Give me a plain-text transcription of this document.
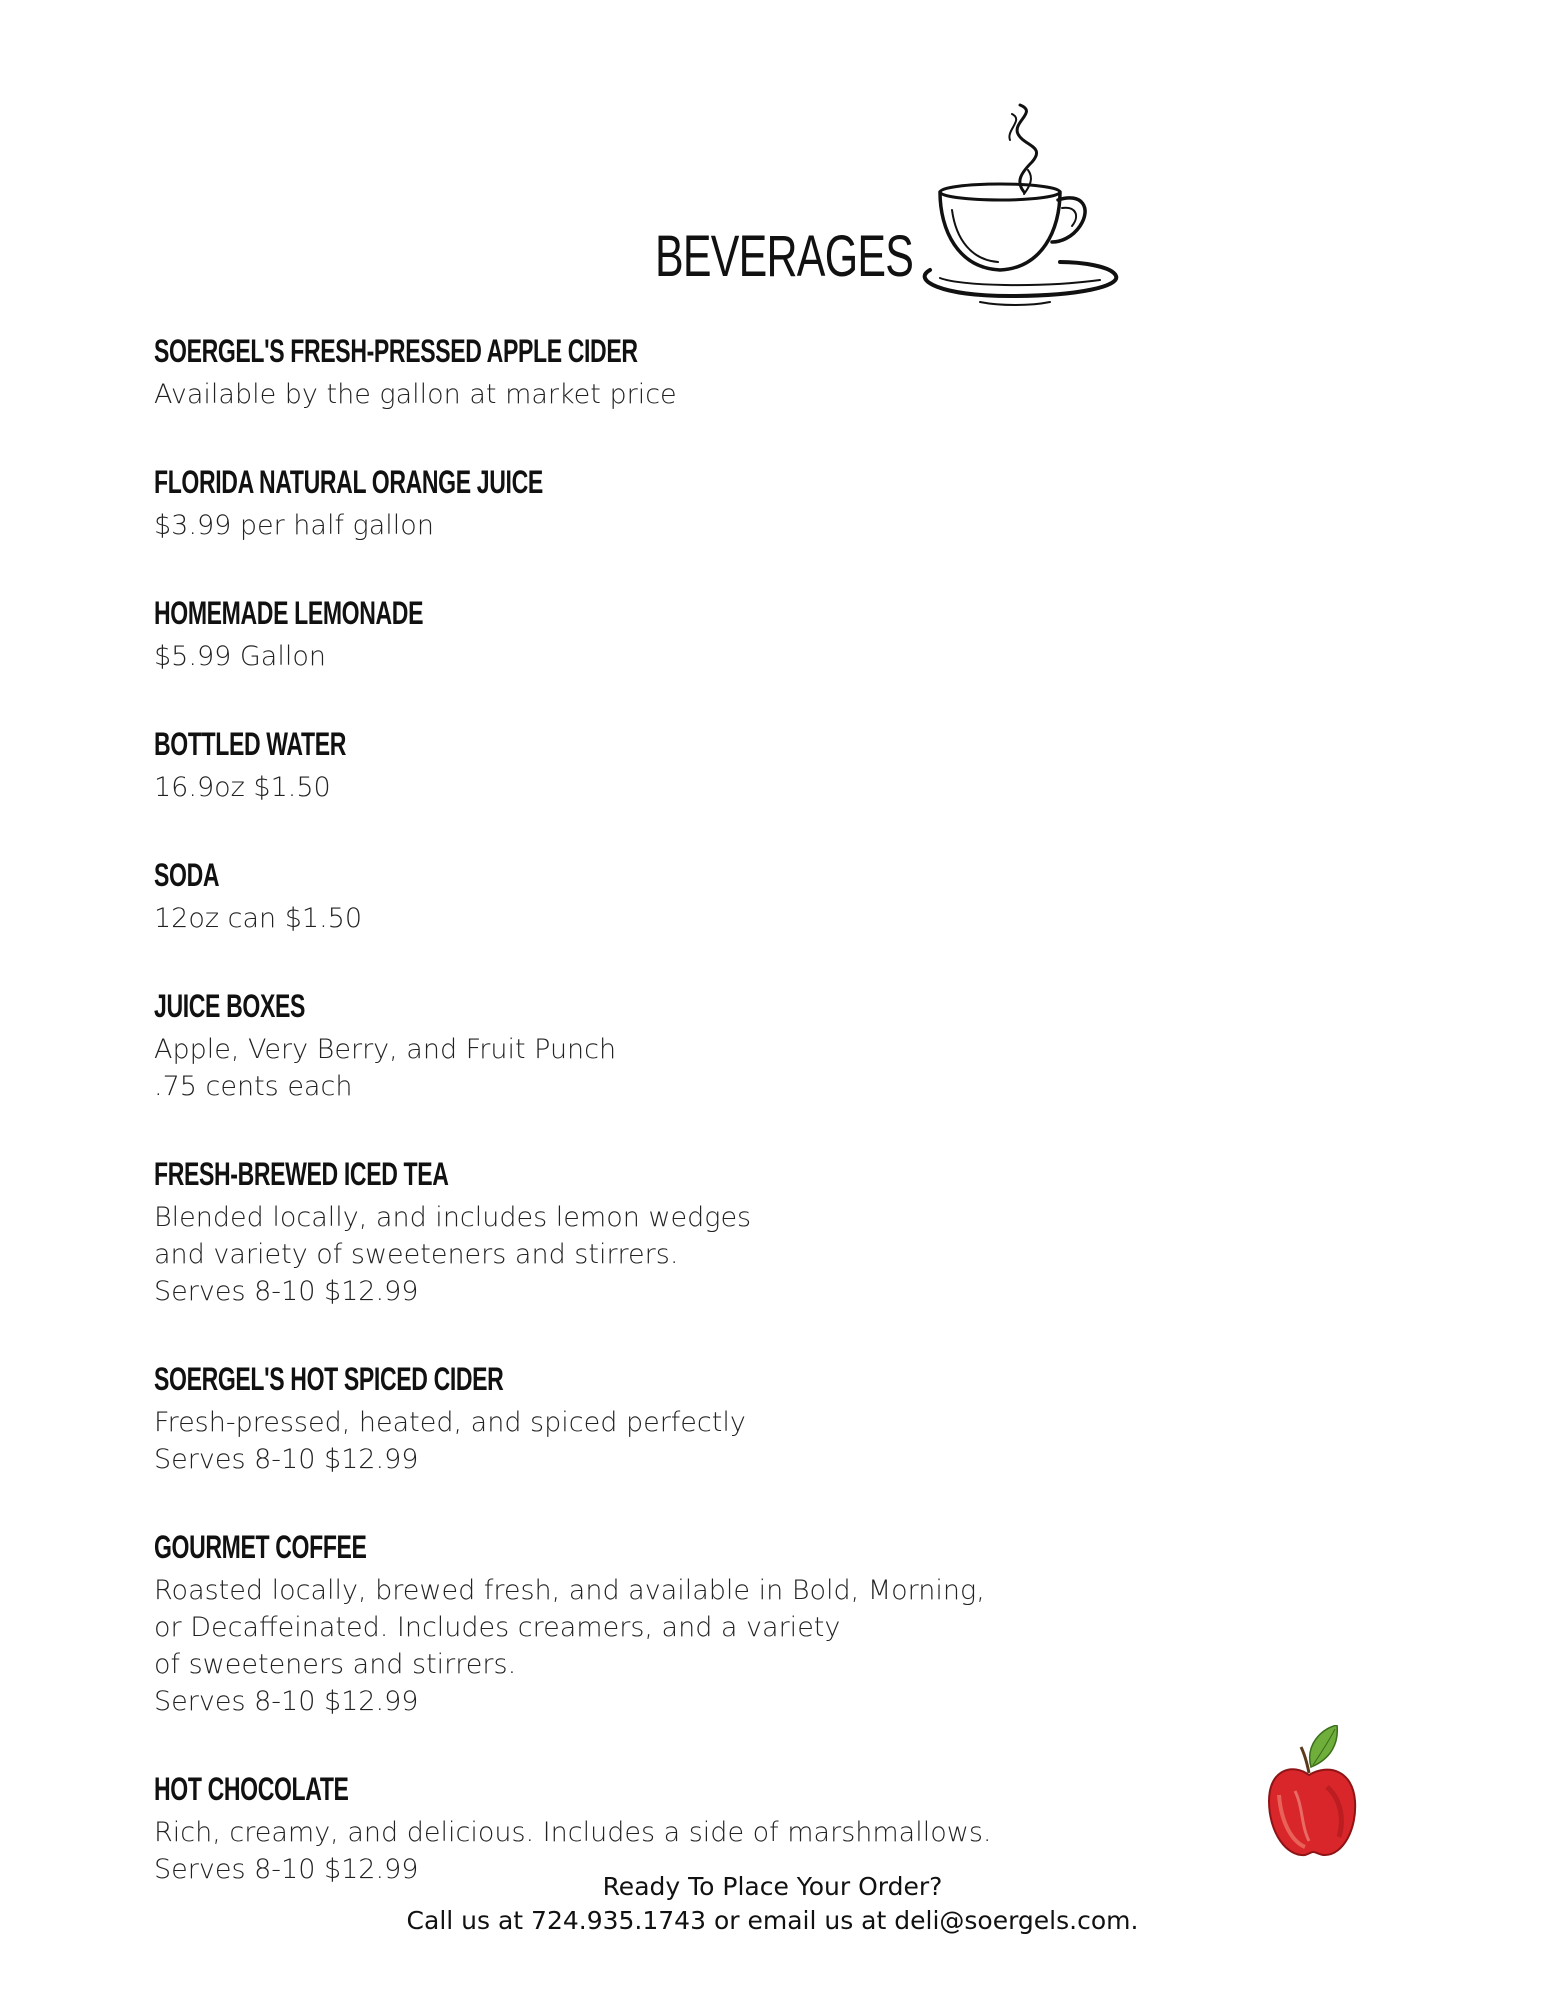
BEVERAGES
SOERGEL'S FRESH-PRESSED APPLE CIDER
Available by the gallon at market price
FLORIDA NATURAL ORANGE JUICE
$3.99 per half gallon
HOMEMADE LEMONADE
$5.99 Gallon
BOTTLED WATER
16.9oz $1.50
SODA
12oz can $1.50
JUICE BOXES
Apple, Very Berry, and Fruit Punch
.75 cents each
FRESH-BREWED ICED TEA
Blended locally, and includes lemon wedges
and variety of sweeteners and stirrers.
Serves 8-10 $12.99
SOERGEL'S HOT SPICED CIDER
Fresh-pressed, heated, and spiced perfectly
Serves 8-10 $12.99
GOURMET COFFEE
Roasted locally, brewed fresh, and available in Bold, Morning,
or Decaffeinated. Includes creamers, and a variety
of sweeteners and stirrers.
Serves 8-10 $12.99
HOT CHOCOLATE
Rich, creamy, and delicious. Includes a side of marshmallows.
Serves 8-10 $12.99
Ready To Place Your Order?
Call us at 724.935.1743 or email us at deli@soergels.com.
